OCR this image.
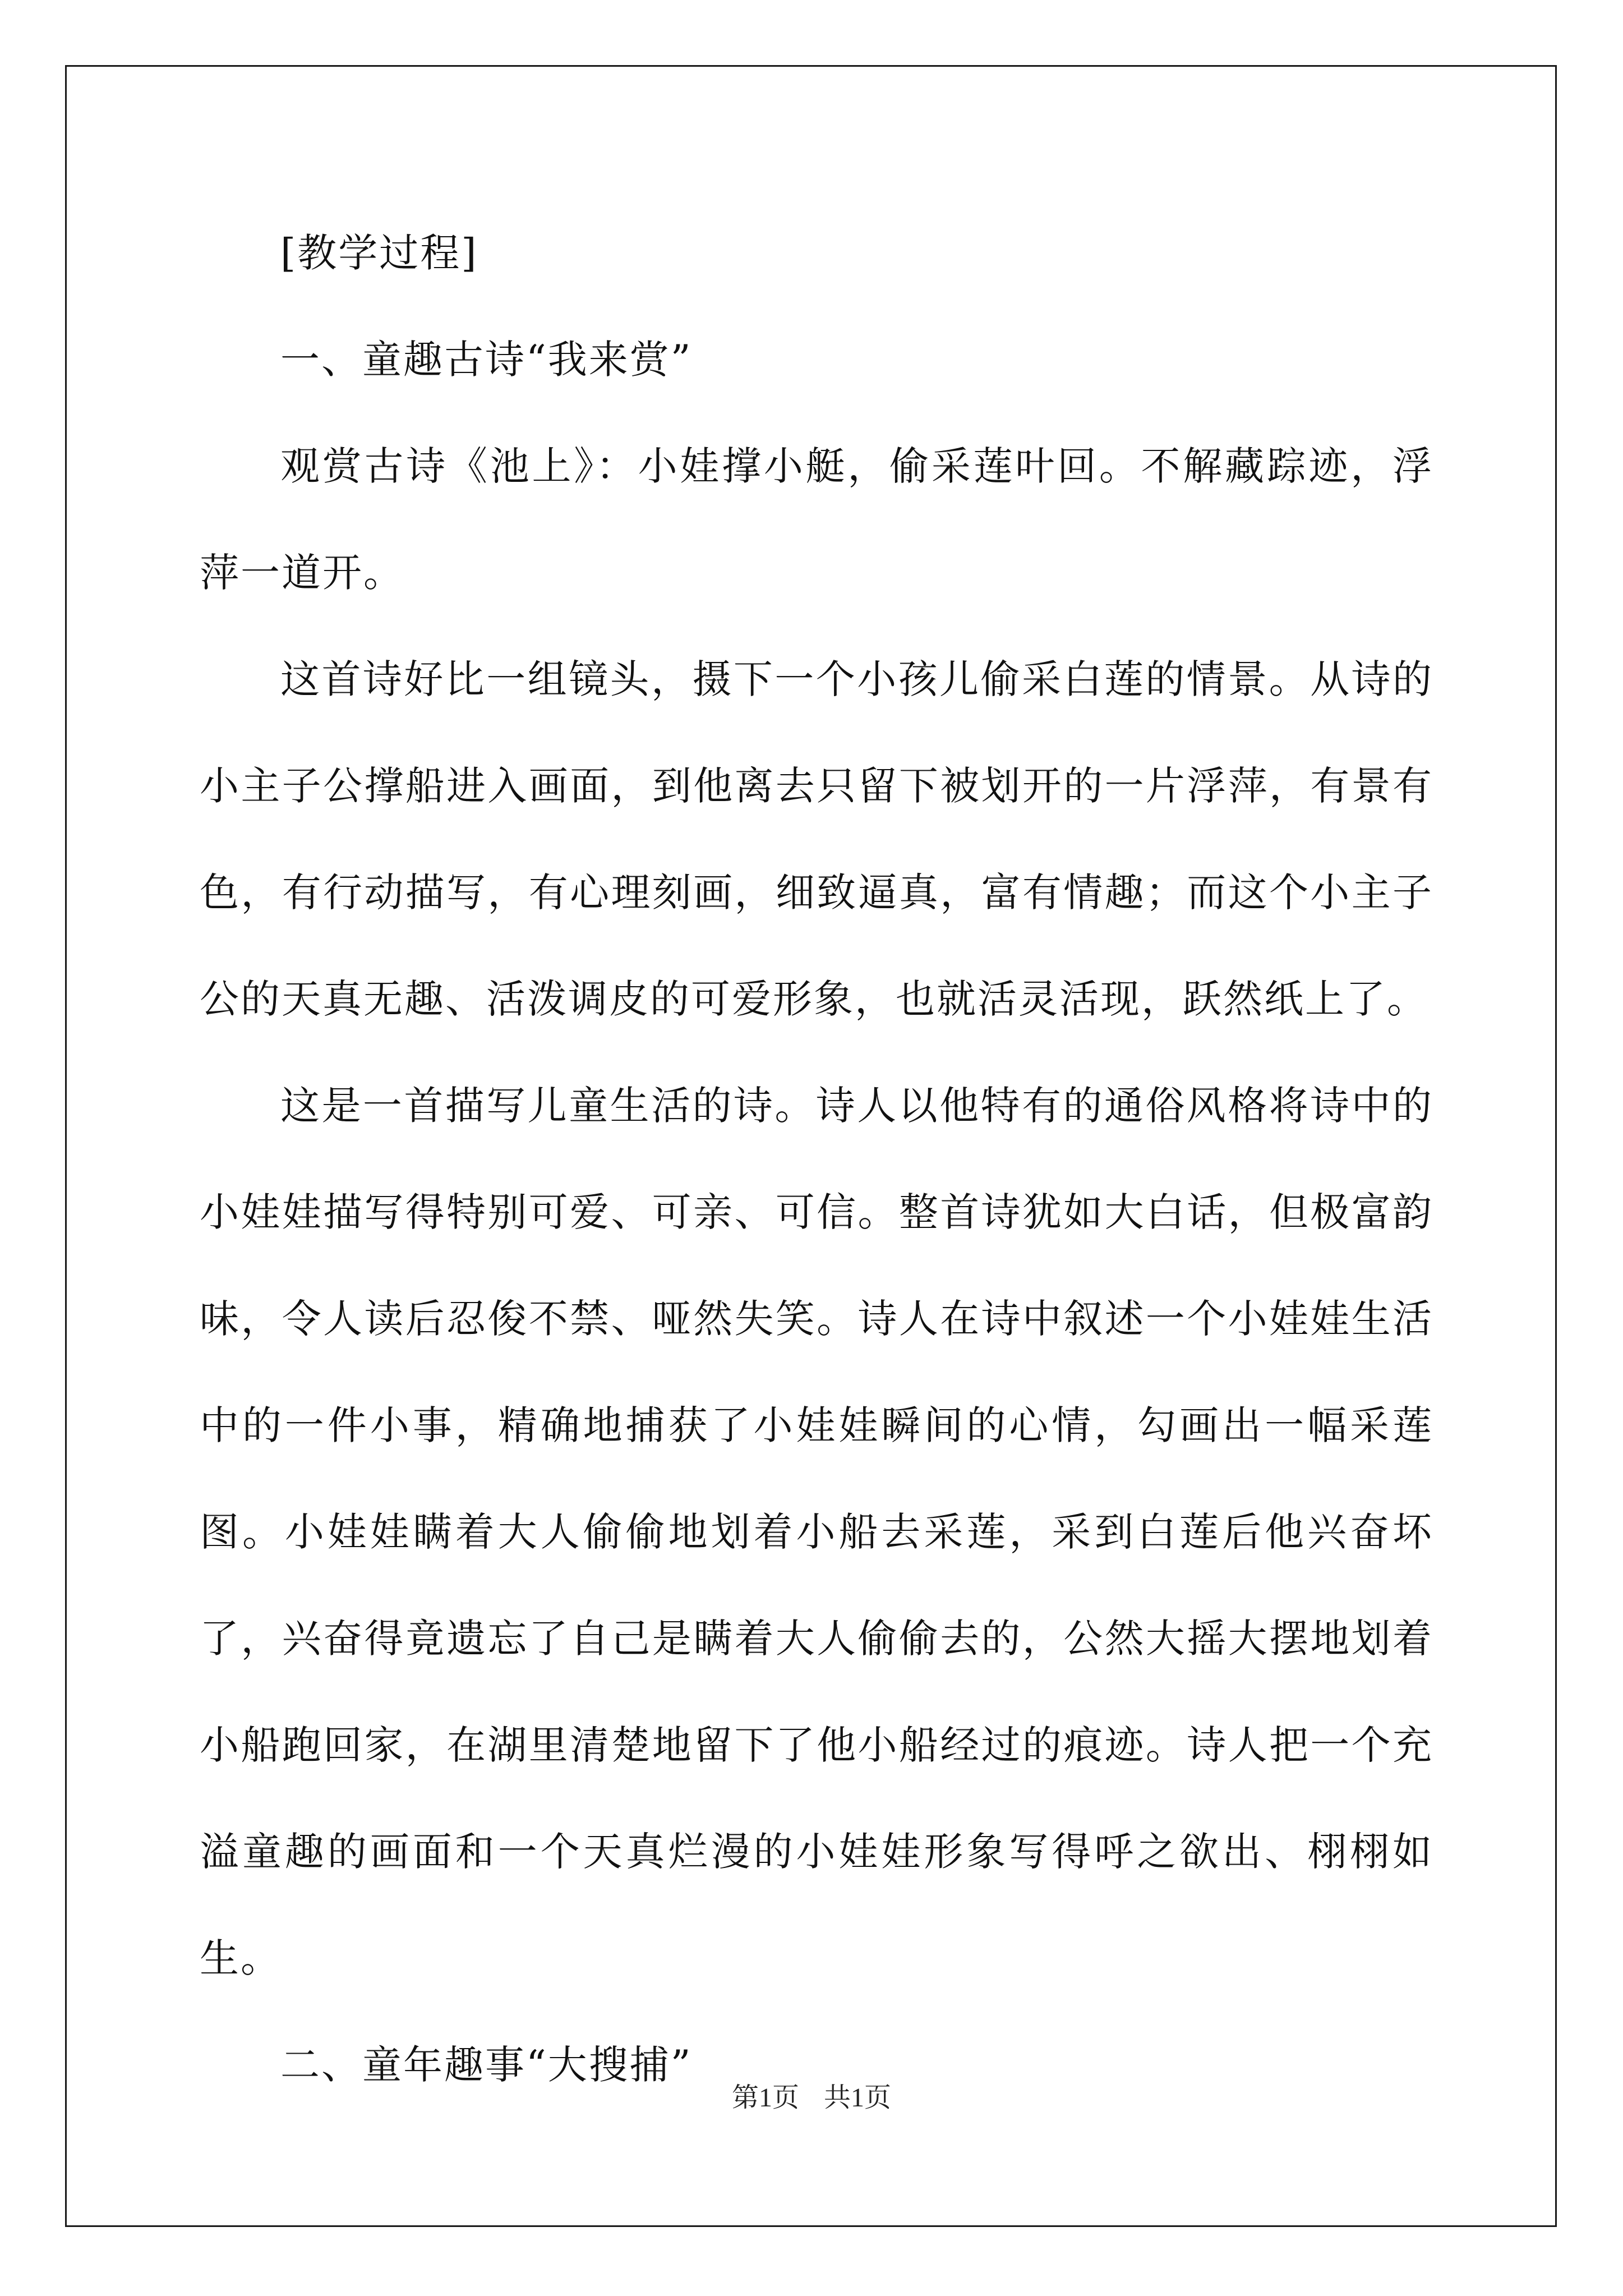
[教学过程]

一、童趣古诗“我来赏”

观赏古诗《池上》：小娃撑小艇，偷采莲叶回。不解藏踪迹，浮萍一道开。

这首诗好比一组镜头，摄下一个小孩儿偷采白莲的情景。从诗的小主子公撑船进入画面，到他离去只留下被划开的一片浮萍，有景有色，有行动描写，有心理刻画，细致逼真，富有情趣；而这个小主子公的天真无趣、活泼调皮的可爱形象，也就活灵活现，跃然纸上了。

这是一首描写儿童生活的诗。诗人以他特有的通俗风格将诗中的小娃娃描写得特别可爱、可亲、可信。整首诗犹如大白话，但极富韵味，令人读后忍俊不禁、哑然失笑。诗人在诗中叙述一个小娃娃生活中的一件小事，精确地捕获了小娃娃瞬间的心情，勾画出一幅采莲图。小娃娃瞒着大人偷偷地划着小船去采莲，采到白莲后他兴奋坏了，兴奋得竟遗忘了自己是瞒着大人偷偷去的，公然大摇大摆地划着小船跑回家，在湖里清楚地留下了他小船经过的痕迹。诗人把一个充溢童趣的画面和一个天真烂漫的小娃娃形象写得呼之欲出、栩栩如生。

二、童年趣事“大搜捕”

第1页 共1页
